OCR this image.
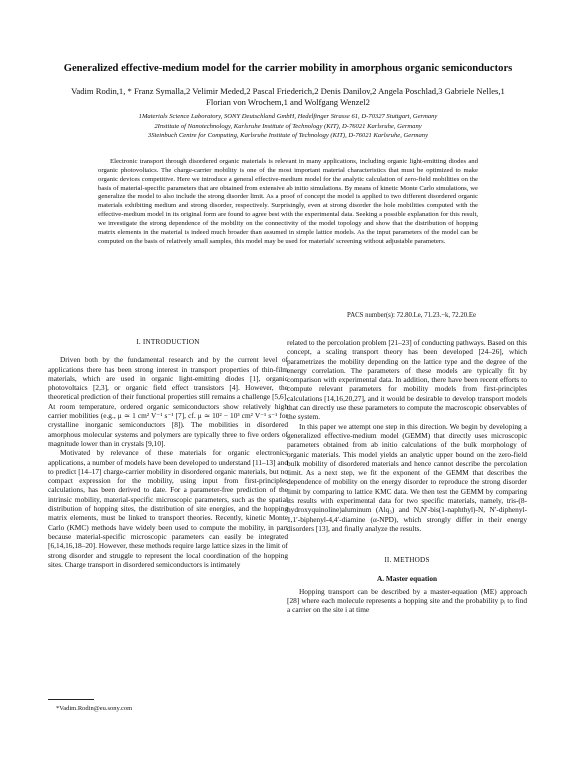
Generalized effective-medium model for the carrier mobility in amorphous organic semiconductors
Vadim Rodin,1, * Franz Symalla,2 Velimir Meded,2 Pascal Friederich,2 Denis Danilov,2 Angela Poschlad,3 Gabriele Nelles,1
Florian von Wrochem,1 and Wolfgang Wenzel2
1Materials Science Laboratory, SONY Deutschland GmbH, Hedelfinger Strasse 61, D-70327 Stuttgart, Germany
2Institute of Nanotechnology, Karlsruhe Institute of Technology (KIT), D-76021 Karlsruhe, Germany
3Steinbuch Centre for Computing, Karlsruhe Institute of Technology (KIT), D-76021 Karlsruhe, Germany

Electronic transport through disordered organic materials is relevant in many applications, including organic light-emitting diodes and organic photovoltaics. The charge-carrier mobility is one of the most important material characteristics that must be optimized to make organic devices competitive. Here we introduce a general effective-medium model for the analytic calculation of zero-field mobilities on the basis of material-specific parameters that are obtained from extensive ab initio simulations. By means of kinetic Monte Carlo simulations, we generalize the model to also include the strong disorder limit. As a proof of concept the model is applied to two different disordered organic materials exhibiting medium and strong disorder, respectively. Surprisingly, even at strong disorder the hole mobilities computed with the effective-medium model in its original form are found to agree best with the experimental data. Seeking a possible explanation for this result, we investigate the strong dependence of the mobility on the connectivity of the model topology and show that the distribution of hopping matrix elements in the material is indeed much broader than assumed in simple lattice models. As the input parameters of the model can be computed on the basis of relatively small samples, this model may be used for materials' screening without adjustable parameters.

PACS number(s): 72.80.Le, 71.23.−k, 72.20.Ee
I. INTRODUCTION

Driven both by the fundamental research and by the current level of applications there has been strong interest in transport properties of thin-film materials, which are used in organic light-emitting diodes [1], organic photovoltaics [2,3], or organic field effect transistors [4]. However, the theoretical prediction of their functional properties still remains a challenge [5,6]. At room temperature, ordered organic semiconductors show relatively high carrier mobilities (e.g., μ ≃ 1 cm² V⁻¹ s⁻¹ [7], cf. μ ≃ 10² − 10³ cm² V⁻¹ s⁻¹ for crystalline inorganic semiconductors [8]). The mobilities in disordered amorphous molecular systems and polymers are typically three to five orders of magnitude lower than in crystals [9,10].

Motivated by relevance of these materials for organic electronics applications, a number of models have been developed to understand [11–13] and to predict [14–17] charge-carrier mobility in disordered organic materials, but no compact expression for the mobility, using input from first-principles calculations, has been derived to date. For a parameter-free prediction of the intrinsic mobility, material-specific microscopic parameters, such as the spatial distribution of hopping sites, the distribution of site energies, and the hopping matrix elements, must be linked to transport theories. Recently, kinetic Monte Carlo (KMC) methods have widely been used to compute the mobility, in part because material-specific microscopic parameters can easily be integrated [6,14,16,18–20]. However, these methods require large lattice sizes in the limit of strong disorder and struggle to represent the local coordination of the hopping sites. Charge transport in disordered semiconductors is intimately

related to the percolation problem [21–23] of conducting pathways. Based on this concept, a scaling transport theory has been developed [24–26], which parametrizes the mobility depending on the lattice type and the degree of the energy correlation. The parameters of these models are typically fit by comparison with experimental data. In addition, there have been recent efforts to compute relevant parameters for mobility models from first-principles calculations [14,16,20,27], and it would be desirable to develop transport models that can directly use these parameters to compute the macroscopic observables of the system.

In this paper we attempt one step in this direction. We begin by developing a generalized effective-medium model (GEMM) that directly uses microscopic parameters obtained from ab initio calculations of the bulk morphology of organic materials. This model yields an analytic upper bound on the zero-field bulk mobility of disordered materials and hence cannot describe the percolation limit. As a next step, we fit the exponent of the GEMM that describes the dependence of mobility on the energy disorder to reproduce the strong disorder limit by comparing to lattice KMC data. We then test the GEMM by comparing its results with experimental data for two specific materials, namely, tris-(8-hydroxyquinoline)aluminum (Alq₃) and N,N′-bis(1-naphthyl)-N, N′-diphenyl-1,1′-biphenyl-4,4′-diamine (α-NPD), which strongly differ in their energy disorders [13], and finally analyze the results.

II. METHODS
A. Master equation

Hopping transport can be described by a master-equation (ME) approach [28] where each molecule represents a hopping site and the probability pᵢ to find a carrier on the site i at time

*Vadim.Rodin@eu.sony.com
